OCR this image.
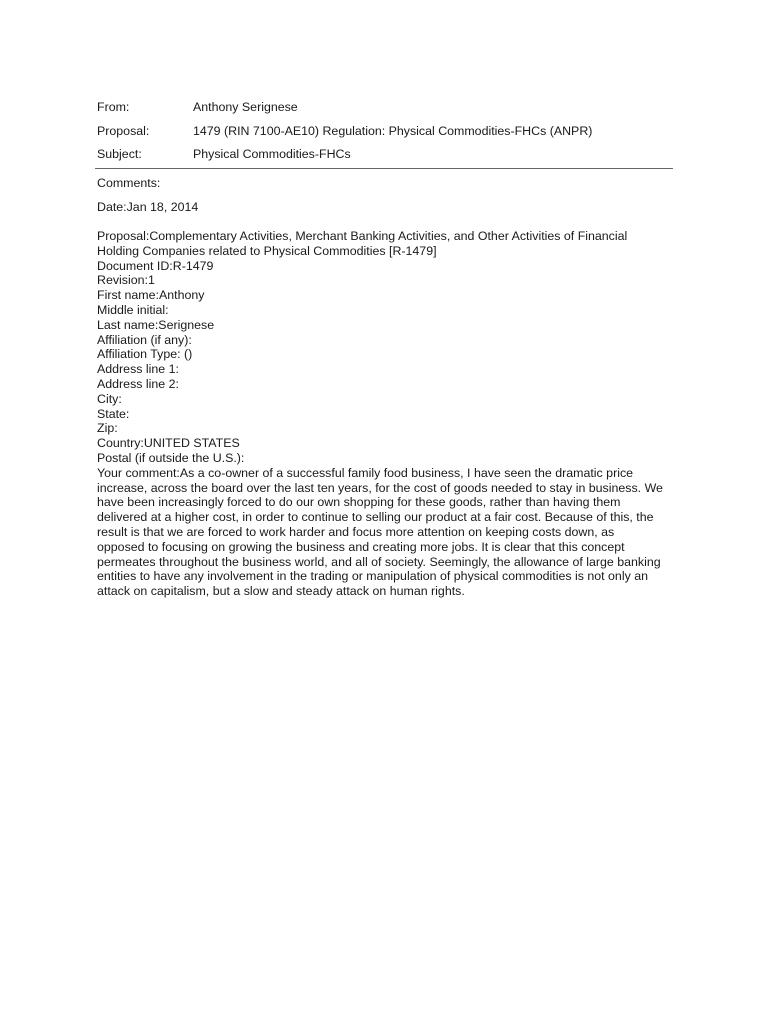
From:	Anthony Serignese
Proposal:	1479 (RIN 7100-AE10) Regulation: Physical Commodities-FHCs (ANPR)
Subject:	Physical Commodities-FHCs
Comments:
Date:Jan 18, 2014
Proposal:Complementary Activities, Merchant Banking Activities, and Other Activities of Financial
Holding Companies related to Physical Commodities [R-1479]
Document ID:R-1479
Revision:1
First name:Anthony
Middle initial:
Last name:Serignese
Affiliation (if any):
Affiliation Type: ()
Address line 1:
Address line 2:
City:
State:
Zip:
Country:UNITED STATES
Postal (if outside the U.S.):
Your comment:As a co-owner of a successful family food business, I have seen the dramatic price
increase, across the board over the last ten years, for the cost of goods needed to stay in business. We
have been increasingly forced to do our own shopping for these goods, rather than having them
delivered at a higher cost, in order to continue to selling our product at a fair cost. Because of this, the
result is that we are forced to work harder and focus more attention on keeping costs down, as
opposed to focusing on growing the business and creating more jobs. It is clear that this concept
permeates throughout the business world, and all of society. Seemingly, the allowance of large banking
entities to have any involvement in the trading or manipulation of physical commodities is not only an
attack on capitalism, but a slow and steady attack on human rights.
